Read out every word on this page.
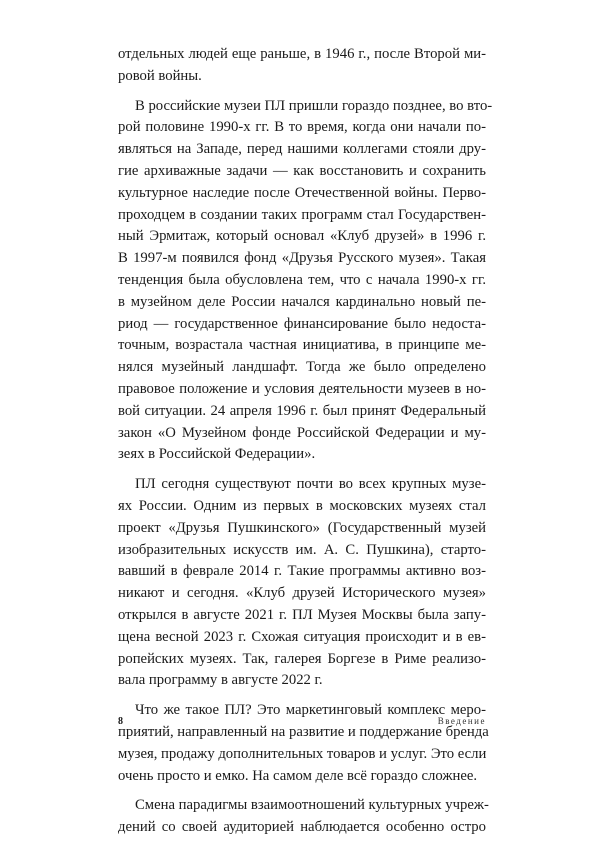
отдельных людей еще раньше, в 1946 г., после Второй ми-
ровой войны.
В российские музеи ПЛ пришли гораздо позднее, во вто-
рой половине 1990-х гг. В то время, когда они начали по-
являться на Западе, перед нашими коллегами стояли дру-
гие архиважные задачи — как восстановить и сохранить
культурное наследие после Отечественной войны. Перво-
проходцем в создании таких программ стал Государствен-
ный Эрмитаж, который основал «Клуб друзей» в 1996 г.
В 1997-м появился фонд «Друзья Русского музея». Такая
тенденция была обусловлена тем, что с начала 1990-х гг.
в музейном деле России начался кардинально новый пе-
риод — государственное финансирование было недоста-
точным, возрастала частная инициатива, в принципе ме-
нялся музейный ландшафт. Тогда же было определено
правовое положение и условия деятельности музеев в но-
вой ситуации. 24 апреля 1996 г. был принят Федеральный
закон «О Музейном фонде Российской Федерации и му-
зеях в Российской Федерации».
ПЛ сегодня существуют почти во всех крупных музе-
ях России. Одним из первых в московских музеях стал
проект «Друзья Пушкинского» (Государственный музей
изобразительных искусств им. А. С. Пушкина), старто-
вавший в феврале 2014 г. Такие программы активно воз-
никают и сегодня. «Клуб друзей Исторического музея»
открылся в августе 2021 г. ПЛ Музея Москвы была запу-
щена весной 2023 г. Схожая ситуация происходит и в ев-
ропейских музеях. Так, галерея Боргезе в Риме реализо-
вала программу в августе 2022 г.
Что же такое ПЛ? Это маркетинговый комплекс меро-
приятий, направленный на развитие и поддержание бренда
музея, продажу дополнительных товаров и услуг. Это если
очень просто и емко. На самом деле всё гораздо сложнее.
Смена парадигмы взаимоотношений культурных учреж-
дений со своей аудиторией наблюдается особенно остро
8	Введение
